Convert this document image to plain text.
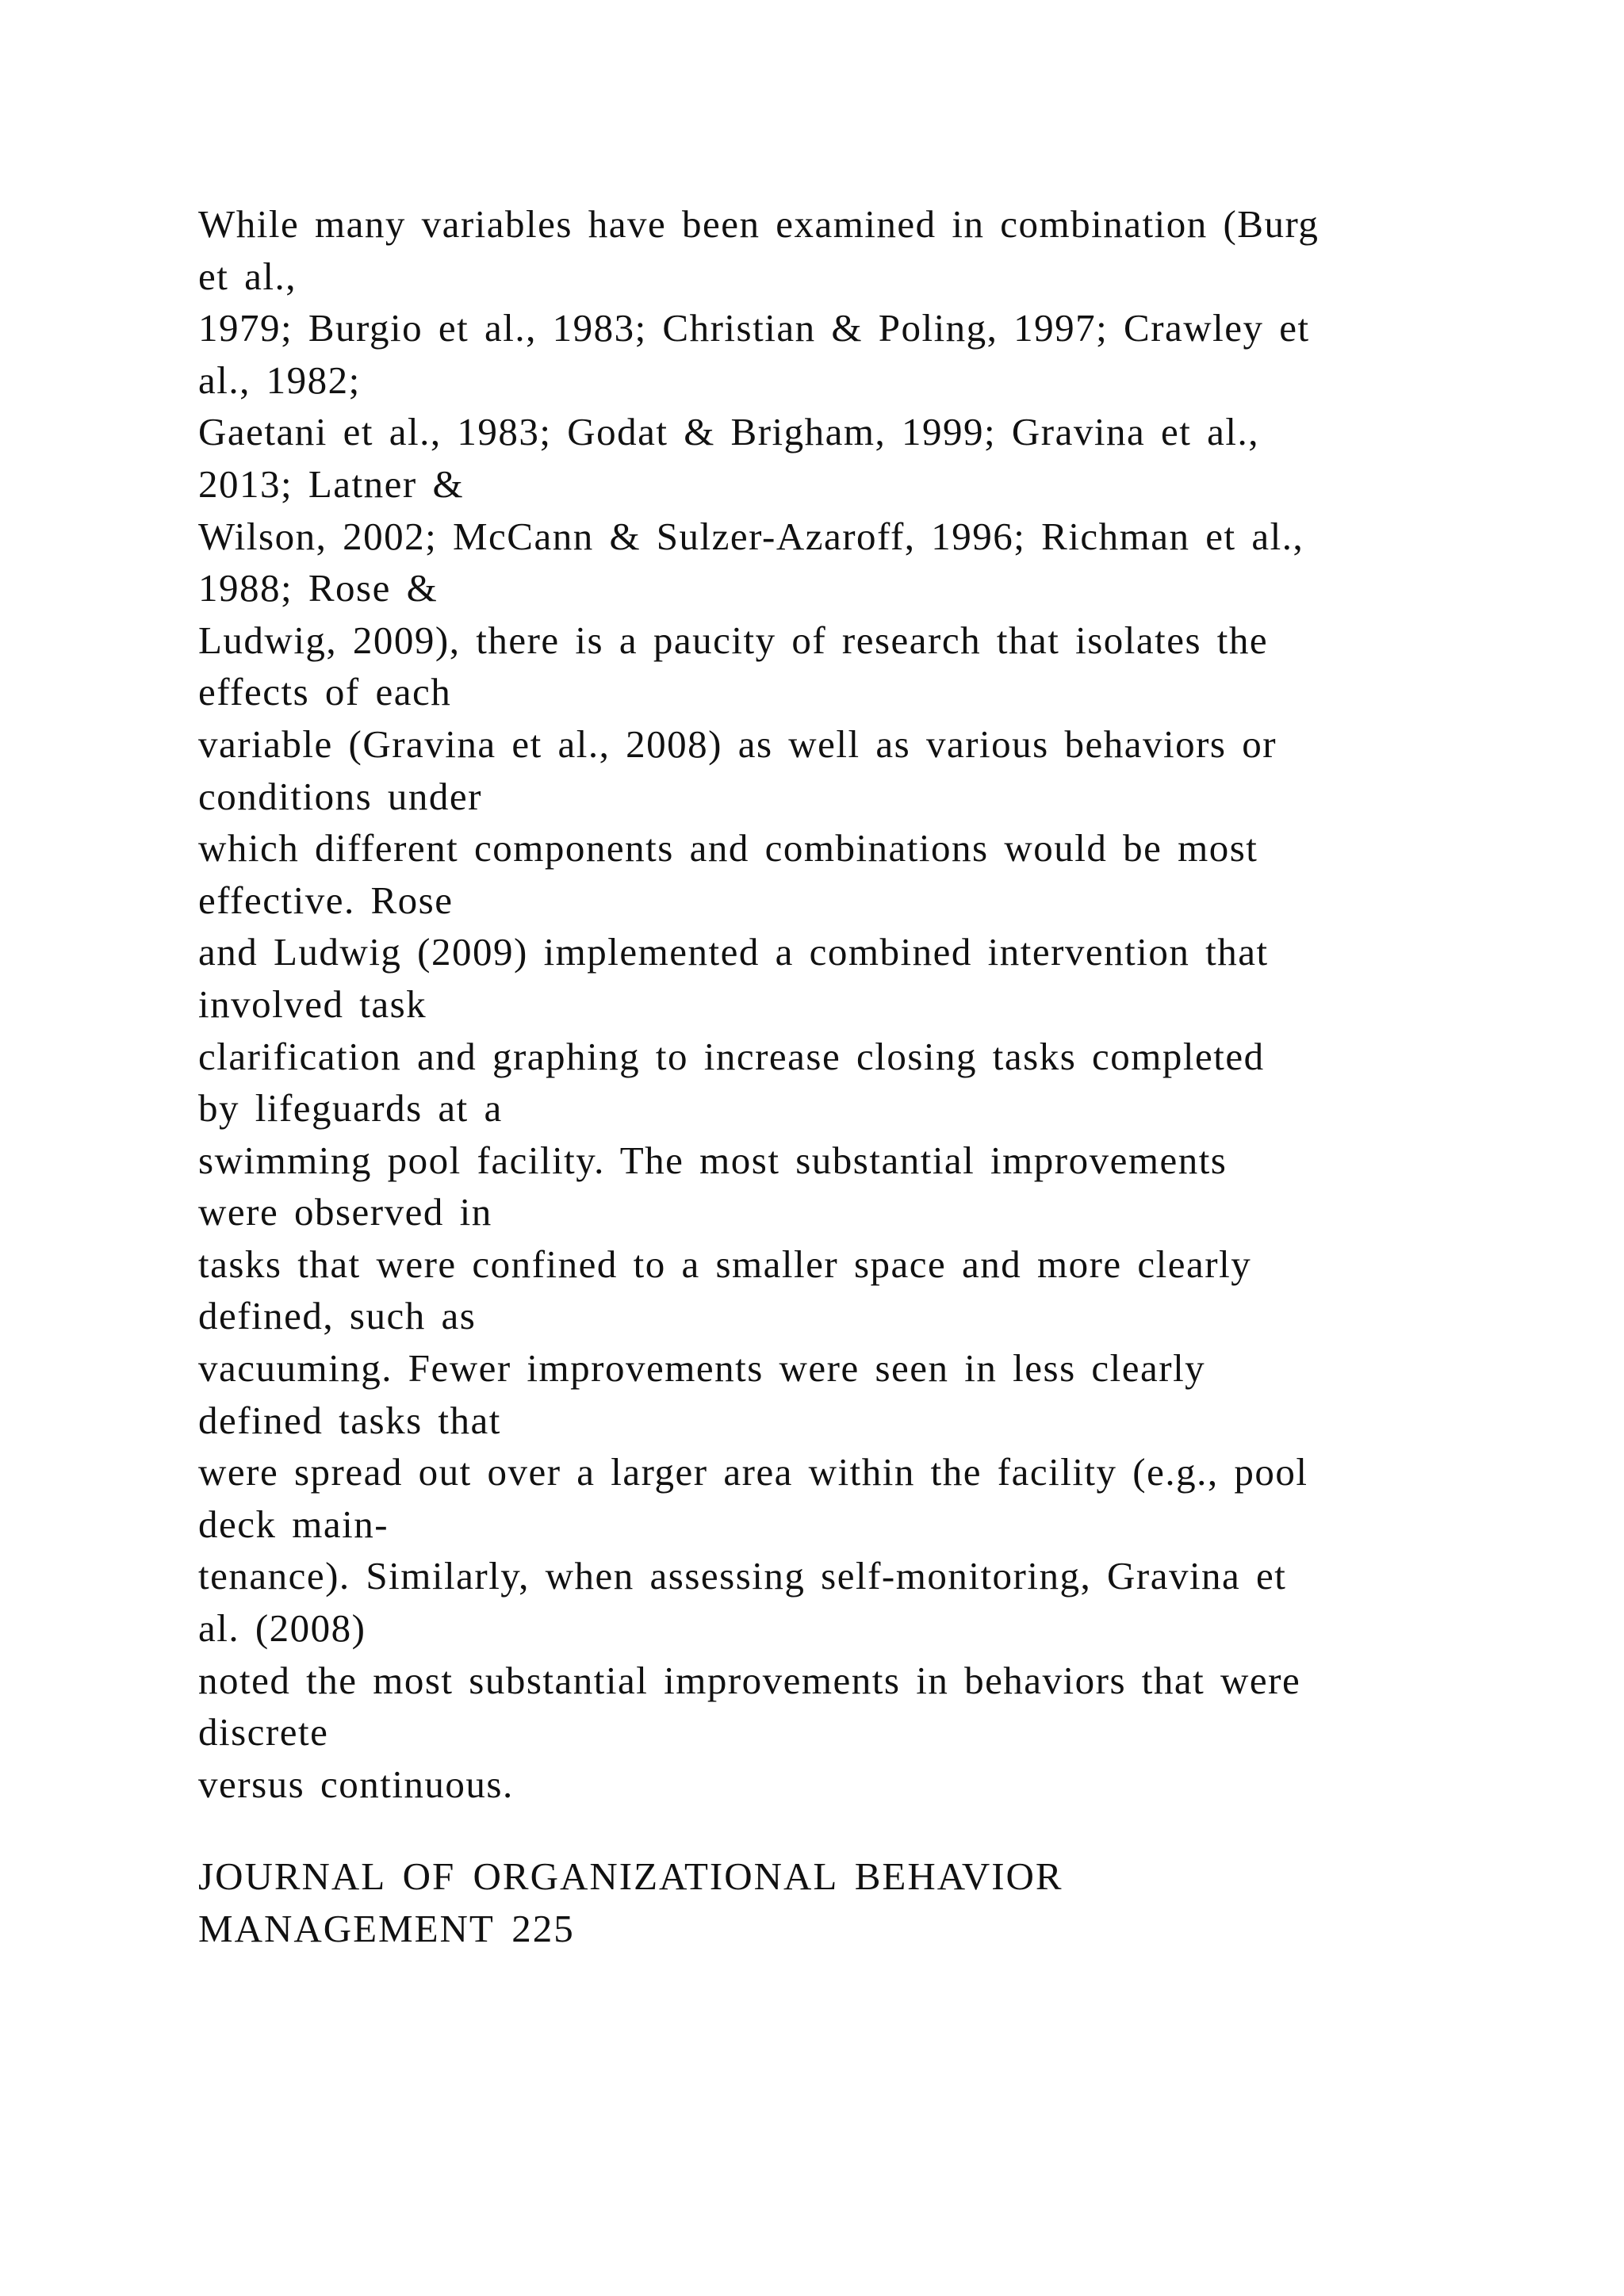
While many variables have been examined in combination (Burg
et al.,
1979; Burgio et al., 1983; Christian & Poling, 1997; Crawley et
al., 1982;
Gaetani et al., 1983; Godat & Brigham, 1999; Gravina et al.,
2013; Latner &
Wilson, 2002; McCann & Sulzer-Azaroff, 1996; Richman et al.,
1988; Rose &
Ludwig, 2009), there is a paucity of research that isolates the
effects of each
variable (Gravina et al., 2008) as well as various behaviors or
conditions under
which different components and combinations would be most
effective. Rose
and Ludwig (2009) implemented a combined intervention that
involved task
clarification and graphing to increase closing tasks completed
by lifeguards at a
swimming pool facility. The most substantial improvements
were observed in
tasks that were confined to a smaller space and more clearly
defined, such as
vacuuming. Fewer improvements were seen in less clearly
defined tasks that
were spread out over a larger area within the facility (e.g., pool
deck main-
tenance). Similarly, when assessing self-monitoring, Gravina et
al. (2008)
noted the most substantial improvements in behaviors that were
discrete
versus continuous.
JOURNAL OF ORGANIZATIONAL BEHAVIOR
MANAGEMENT 225
